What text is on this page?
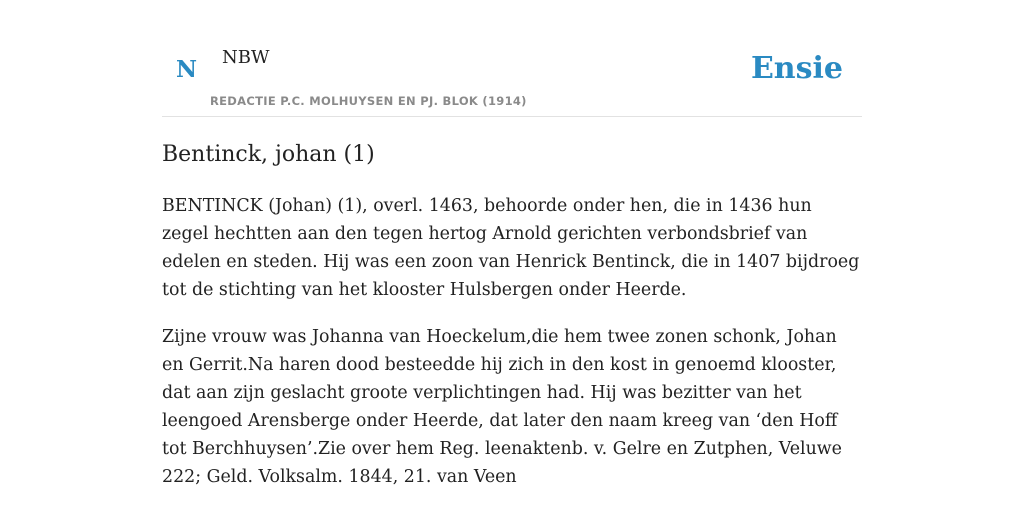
N NBW
REDACTIE P.C. MOLHUYSEN EN PJ. BLOK (1914)
Ensie
Bentinck, johan (1)

BENTINCK (Johan) (1), overl. 1463, behoorde onder hen, die in 1436 hun zegel hechtten aan den tegen hertog Arnold gerichten verbondsbrief van edelen en steden. Hij was een zoon van Henrick Bentinck, die in 1407 bijdroeg tot de stichting van het klooster Hulsbergen onder Heerde.

Zijne vrouw was Johanna van Hoeckelum,die hem twee zonen schonk, Johan en Gerrit.Na haren dood besteedde hij zich in den kost in genoemd klooster, dat aan zijn geslacht groote verplichtingen had. Hij was bezitter van het leengoed Arensberge onder Heerde, dat later den naam kreeg van ‘den Hoff tot Berchhuysen’.Zie over hem Reg. leenaktenb. v. Gelre en Zutphen, Veluwe 222; Geld. Volksalm. 1844, 21. van Veen
